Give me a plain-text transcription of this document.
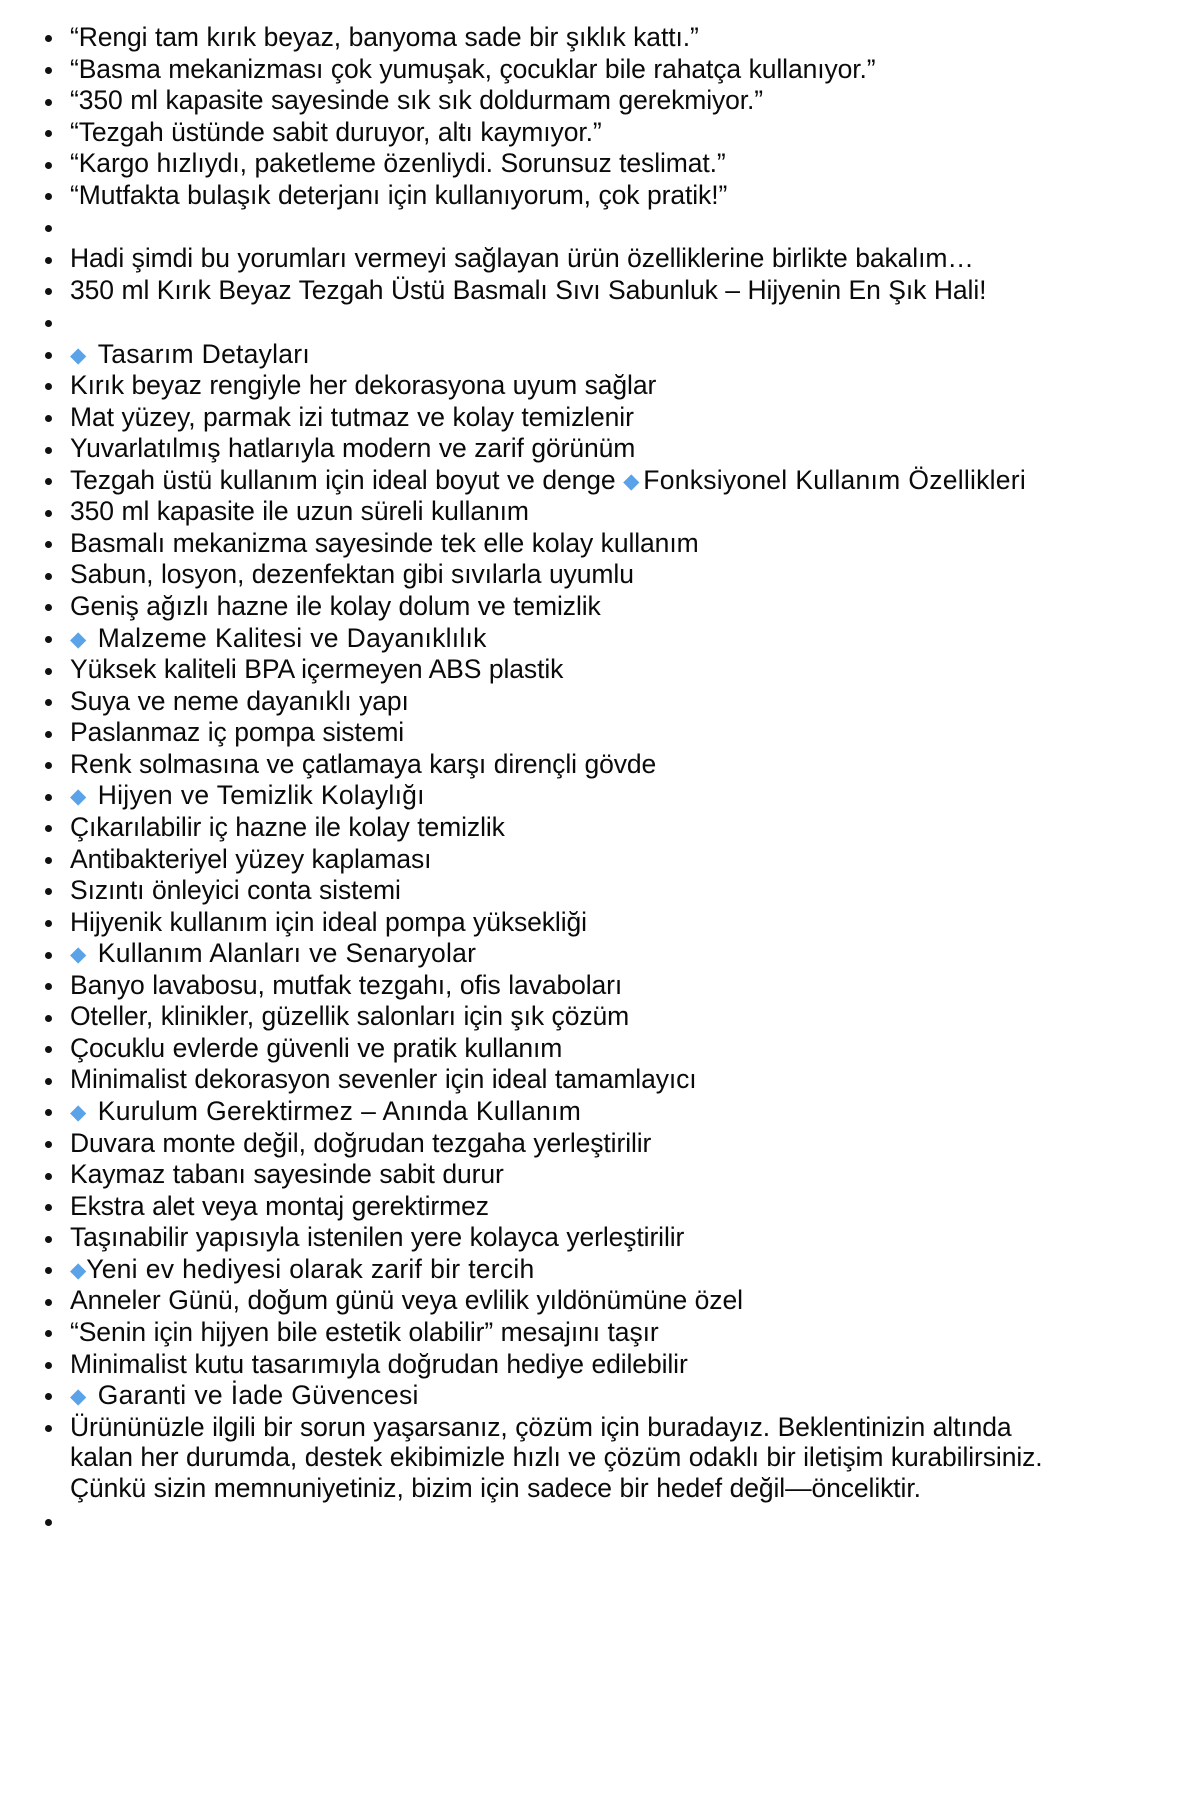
“Rengi tam kırık beyaz, banyoma sade bir şıklık kattı.”
“Basma mekanizması çok yumuşak, çocuklar bile rahatça kullanıyor.”
“350 ml kapasite sayesinde sık sık doldurmam gerekmiyor.”
“Tezgah üstünde sabit duruyor, altı kaymıyor.”
“Kargo hızlıydı, paketleme özenliydi. Sorunsuz teslimat.”
“Mutfakta bulaşık deterjanı için kullanıyorum, çok pratik!”
Hadi şimdi bu yorumları vermeyi sağlayan ürün özelliklerine birlikte bakalım…
350 ml Kırık Beyaz Tezgah Üstü Basmalı Sıvı Sabunluk – Hijyenin En Şık Hali!
◆ Tasarım Detayları
Kırık beyaz rengiyle her dekorasyona uyum sağlar
Mat yüzey, parmak izi tutmaz ve kolay temizlenir
Yuvarlatılmış hatlarıyla modern ve zarif görünüm
Tezgah üstü kullanım için ideal boyut ve denge ◆ Fonksiyonel Kullanım Özellikleri
350 ml kapasite ile uzun süreli kullanım
Basmalı mekanizma sayesinde tek elle kolay kullanım
Sabun, losyon, dezenfektan gibi sıvılarla uyumlu
Geniş ağızlı hazne ile kolay dolum ve temizlik
◆ Malzeme Kalitesi ve Dayanıklılık
Yüksek kaliteli BPA içermeyen ABS plastik
Suya ve neme dayanıklı yapı
Paslanmaz iç pompa sistemi
Renk solmasına ve çatlamaya karşı dirençli gövde
◆ Hijyen ve Temizlik Kolaylığı
Çıkarılabilir iç hazne ile kolay temizlik
Antibakteriyel yüzey kaplaması
Sızıntı önleyici conta sistemi
Hijyenik kullanım için ideal pompa yüksekliği
◆ Kullanım Alanları ve Senaryolar
Banyo lavabosu, mutfak tezgahı, ofis lavaboları
Oteller, klinikler, güzellik salonları için şık çözüm
Çocuklu evlerde güvenli ve pratik kullanım
Minimalist dekorasyon sevenler için ideal tamamlayıcı
◆ Kurulum Gerektirmez – Anında Kullanım
Duvara monte değil, doğrudan tezgaha yerleştirilir
Kaymaz tabanı sayesinde sabit durur
Ekstra alet veya montaj gerektirmez
Taşınabilir yapısıyla istenilen yere kolayca yerleştirilir
◆Yeni ev hediyesi olarak zarif bir tercih
Anneler Günü, doğum günü veya evlilik yıldönümüne özel
“Senin için hijyen bile estetik olabilir” mesajını taşır
Minimalist kutu tasarımıyla doğrudan hediye edilebilir
◆ Garanti ve İade Güvencesi
Ürününüzle ilgili bir sorun yaşarsanız, çözüm için buradayız. Beklentinizin altında kalan her durumda, destek ekibimizle hızlı ve çözüm odaklı bir iletişim kurabilirsiniz. Çünkü sizin memnuniyetiniz, bizim için sadece bir hedef değil—önceliktir.
